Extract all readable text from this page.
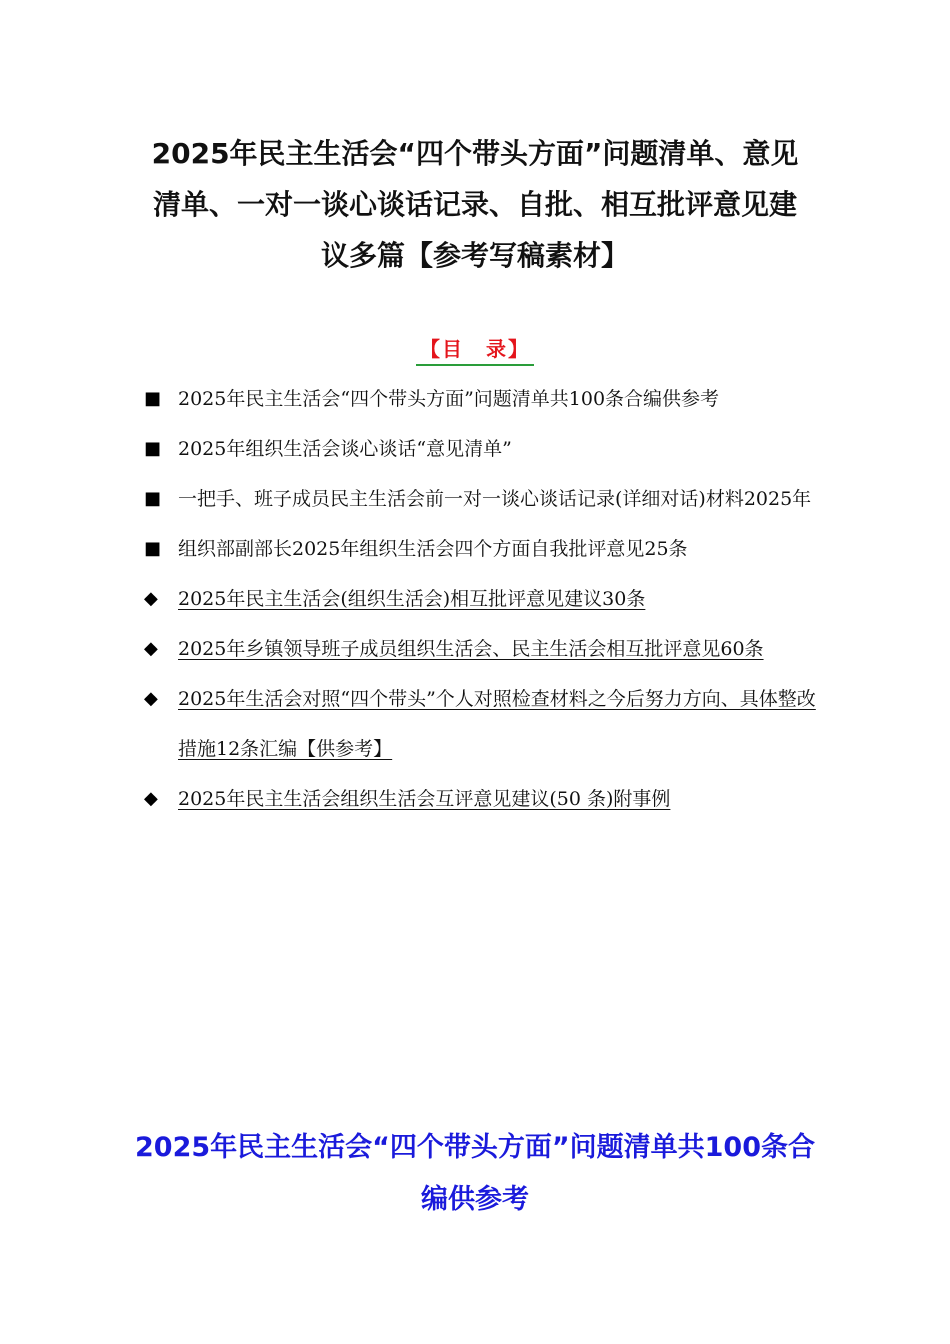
2025年民主生活会“四个带头方面”问题清单、意见清单、一对一谈心谈话记录、自批、相互批评意见建议多篇【参考写稿素材】
【目　录】
■ 2025年民主生活会“四个带头方面”问题清单共100条合编供参考
■ 2025年组织生活会谈心谈话“意见清单”
■ 一把手、班子成员民主生活会前一对一谈心谈话记录(详细对话)材料2025年
■ 组织部副部长2025年组织生活会四个方面自我批评意见25条
◆	2025年民主生活会(组织生活会)相互批评意见建议30条
◆	2025年乡镇领导班子成员组织生活会、民主生活会相互批评意见60条
◆	2025年生活会对照“四个带头”个人对照检查材料之今后努力方向、具体整改措施12条汇编【供参考】
◆	2025年民主生活会组织生活会互评意见建议(50 条)附事例
2025年民主生活会“四个带头方面”问题清单共100条合编供参考
